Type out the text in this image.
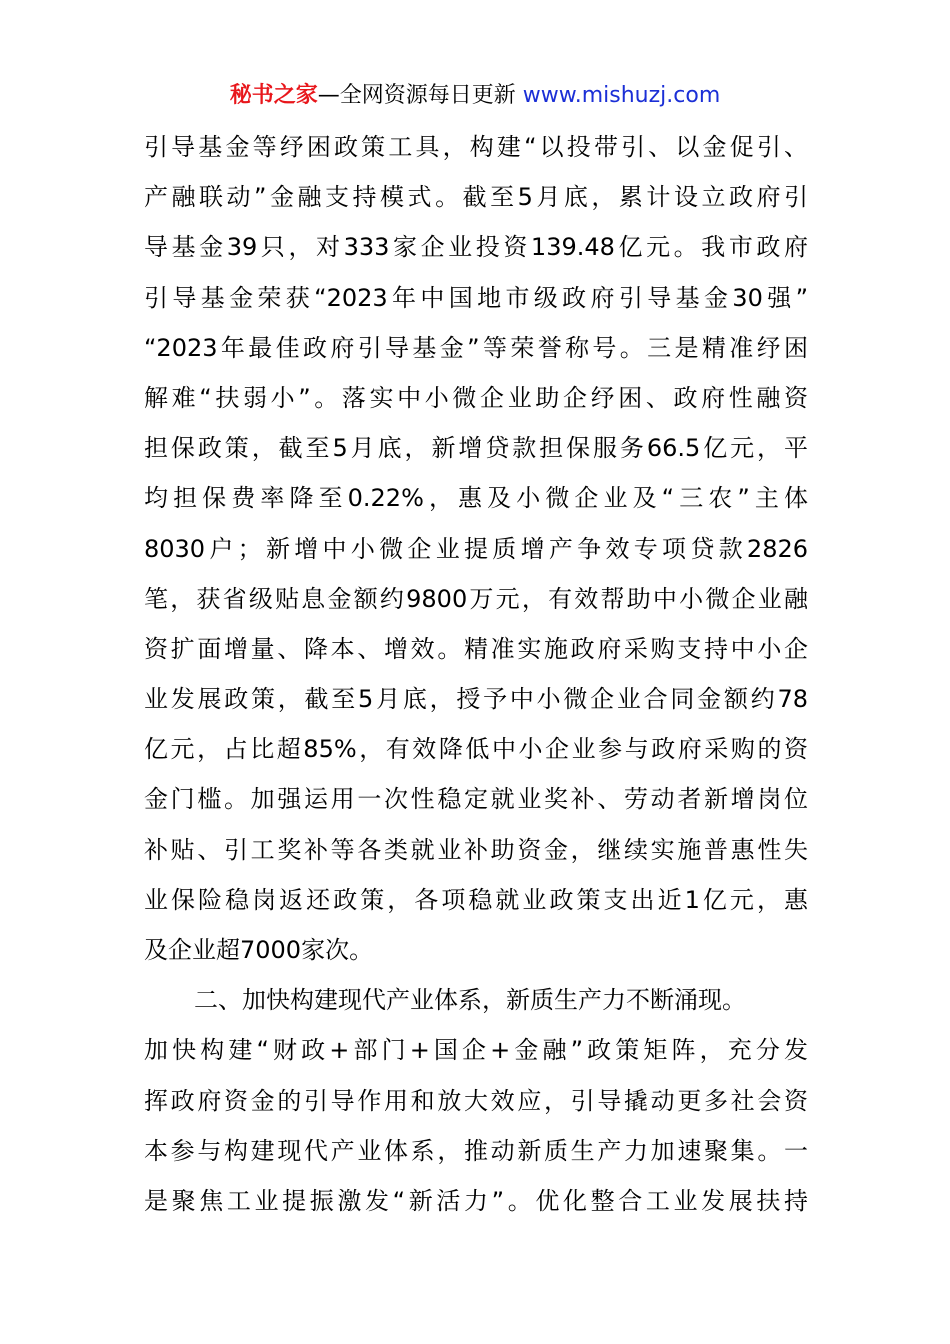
秘书之家—全网资源每日更新 www.mishuzj.com
引导基金等纾困政策工具，构建“以投带引、以金促引、
产融联动”金融支持模式。截至5月底，累计设立政府引
导基金39只，对333家企业投资139.48亿元。我市政府
引导基金荣获“2023年中国地市级政府引导基金30强”
“2023年最佳政府引导基金”等荣誉称号。三是精准纾困
解难“扶弱小”。落实中小微企业助企纾困、政府性融资
担保政策，截至5月底，新增贷款担保服务66.5亿元，平
均担保费率降至0.22%，惠及小微企业及“三农”主体
8030户；新增中小微企业提质增产争效专项贷款2826
笔，获省级贴息金额约9800万元，有效帮助中小微企业融
资扩面增量、降本、增效。精准实施政府采购支持中小企
业发展政策，截至5月底，授予中小微企业合同金额约78
亿元，占比超85%，有效降低中小企业参与政府采购的资
金门槛。加强运用一次性稳定就业奖补、劳动者新增岗位
补贴、引工奖补等各类就业补助资金，继续实施普惠性失
业保险稳岗返还政策，各项稳就业政策支出近1亿元，惠
及企业超7000家次。
二、加快构建现代产业体系，新质生产力不断涌现。
加快构建“财政+部门+国企+金融”政策矩阵，充分发
挥政府资金的引导作用和放大效应，引导撬动更多社会资
本参与构建现代产业体系，推动新质生产力加速聚集。一
是聚焦工业提振激发“新活力”。优化整合工业发展扶持
